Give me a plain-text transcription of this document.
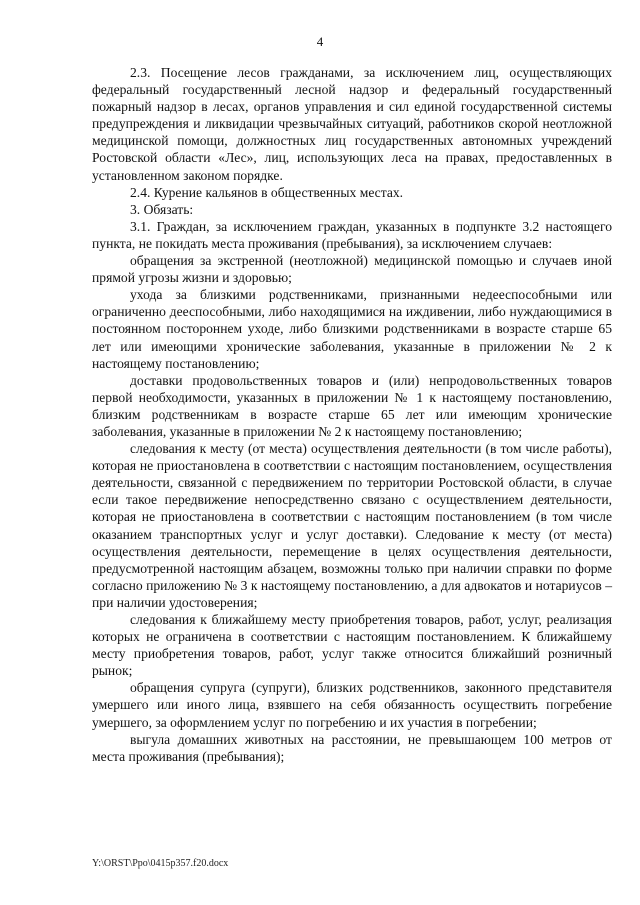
4

2.3. Посещение лесов гражданами, за исключением лиц, осуществляющих федеральный государственный лесной надзор и федеральный государственный пожарный надзор в лесах, органов управления и сил единой государственной системы предупреждения и ликвидации чрезвычайных ситуаций, работников скорой неотложной медицинской помощи, должностных лиц государственных автономных учреждений Ростовской области «Лес», лиц, использующих леса на правах, предоставленных в установленном законом порядке.

2.4. Курение кальянов в общественных местах.

3. Обязать:

3.1. Граждан, за исключением граждан, указанных в подпункте 3.2 настоящего пункта, не покидать места проживания (пребывания), за исключением случаев:

обращения за экстренной (неотложной) медицинской помощью и случаев иной прямой угрозы жизни и здоровью;

ухода за близкими родственниками, признанными недееспособными или ограниченно дееспособными, либо находящимися на иждивении, либо нуждающимися в постоянном постороннем уходе, либо близкими родственниками в возрасте старше 65 лет или имеющими хронические заболевания, указанные в приложении № 2 к настоящему постановлению;

доставки продовольственных товаров и (или) непродовольственных товаров первой необходимости, указанных в приложении № 1 к настоящему постановлению, близким родственникам в возрасте старше 65 лет или имеющим хронические заболевания, указанные в приложении № 2 к настоящему постановлению;

следования к месту (от места) осуществления деятельности (в том числе работы), которая не приостановлена в соответствии с настоящим постановлением, осуществления деятельности, связанной с передвижением по территории Ростовской области, в случае если такое передвижение непосредственно связано с осуществлением деятельности, которая не приостановлена в соответствии с настоящим постановлением (в том числе оказанием транспортных услуг и услуг доставки). Следование к месту (от места) осуществления деятельности, перемещение в целях осуществления деятельности, предусмотренной настоящим абзацем, возможны только при наличии справки по форме согласно приложению № 3 к настоящему постановлению, а для адвокатов и нотариусов – при наличии удостоверения;

следования к ближайшему месту приобретения товаров, работ, услуг, реализация которых не ограничена в соответствии с настоящим постановлением. К ближайшему месту приобретения товаров, работ, услуг также относится ближайший розничный рынок;

обращения супруга (супруги), близких родственников, законного представителя умершего или иного лица, взявшего на себя обязанность осуществить погребение умершего, за оформлением услуг по погребению и их участия в погребении;

выгула домашних животных на расстоянии, не превышающем 100 метров от места проживания (пребывания);

Y:\ORST\Ppo\0415p357.f20.docx
